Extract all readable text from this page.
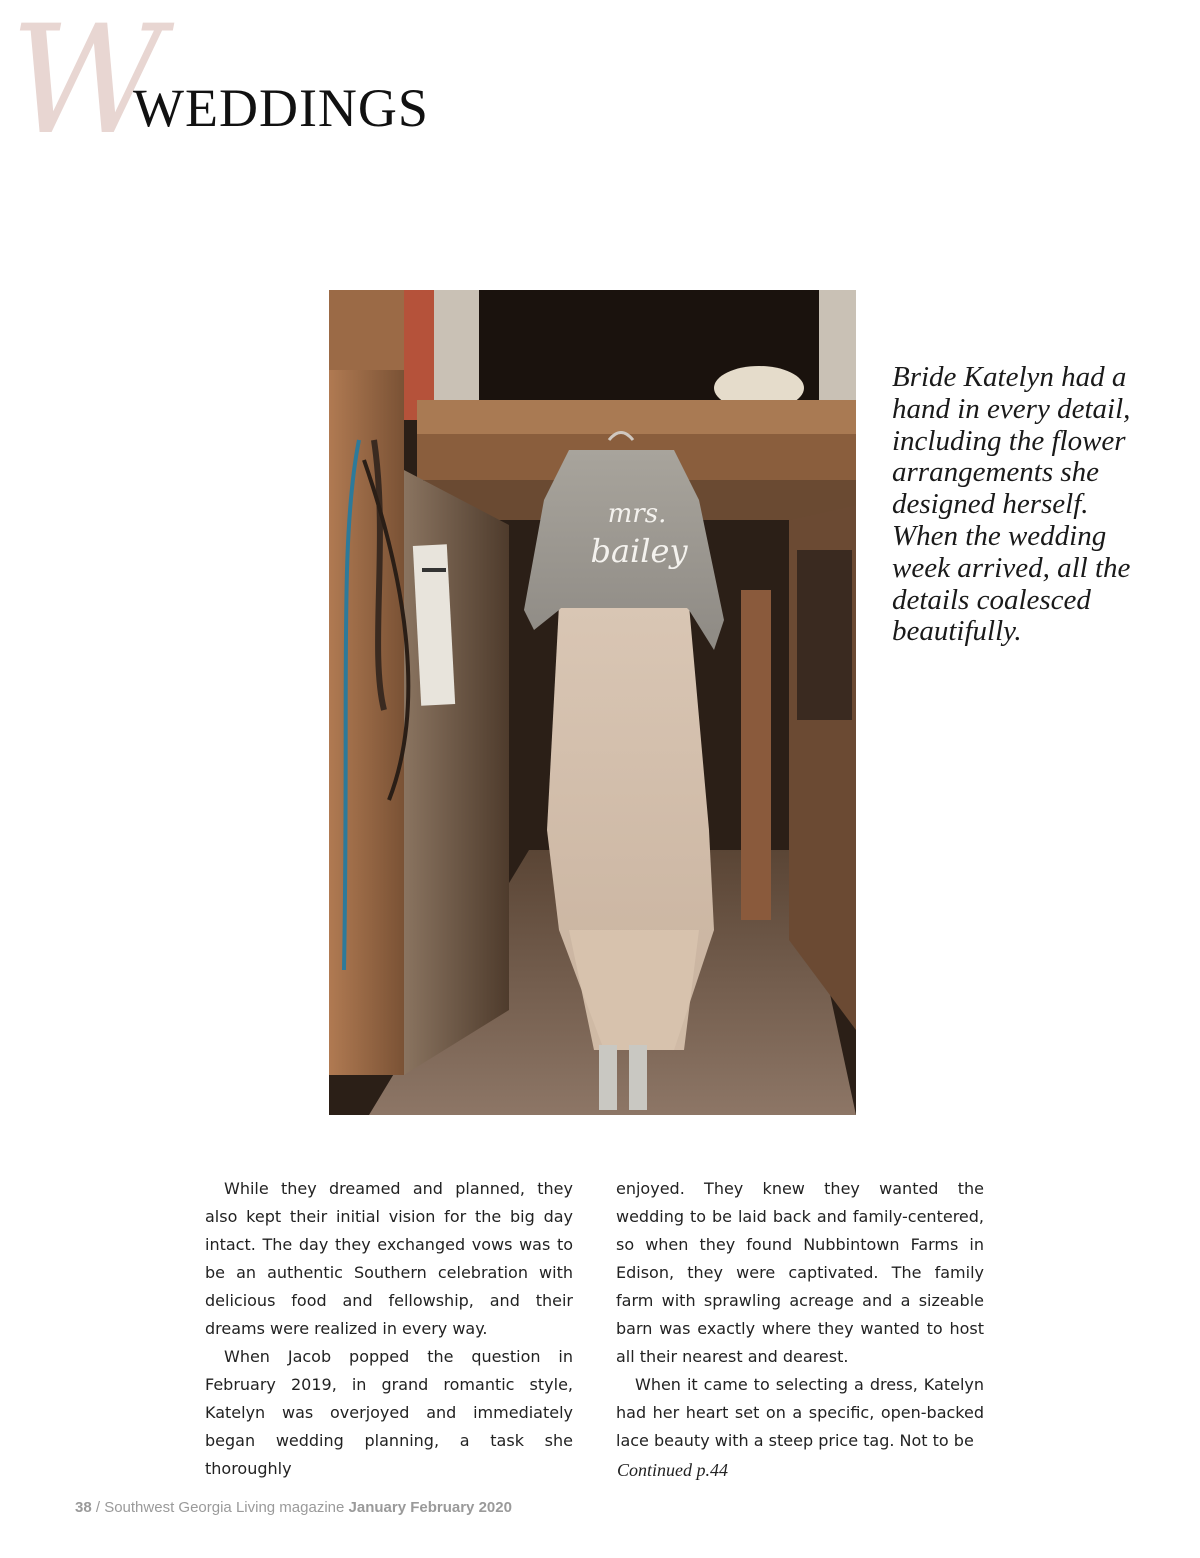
W
WEDDINGS
mrs.
bailey
Bride Katelyn had a hand in every detail, including the flower arrangements she designed herself. When the wedding week arrived, all the details coalesced beautifully.

While they dreamed and planned, they also kept their initial vision for the big day intact. The day they exchanged vows was to be an authentic Southern celebration with delicious food and fellowship, and their dreams were realized in every way.

When Jacob popped the question in February 2019, in grand romantic style, Katelyn was overjoyed and immediately began wedding planning, a task she thoroughly

enjoyed. They knew they wanted the wedding to be laid back and family-centered, so when they found Nubbintown Farms in Edison, they were captivated. The family farm with sprawling acreage and a sizeable barn was exactly where they wanted to host all their nearest and dearest.

When it came to selecting a dress, Katelyn had her heart set on a specific, open-backed lace beauty with a steep price tag. Not to be

Continued p.44
38 / Southwest Georgia Living magazine January February 2020
